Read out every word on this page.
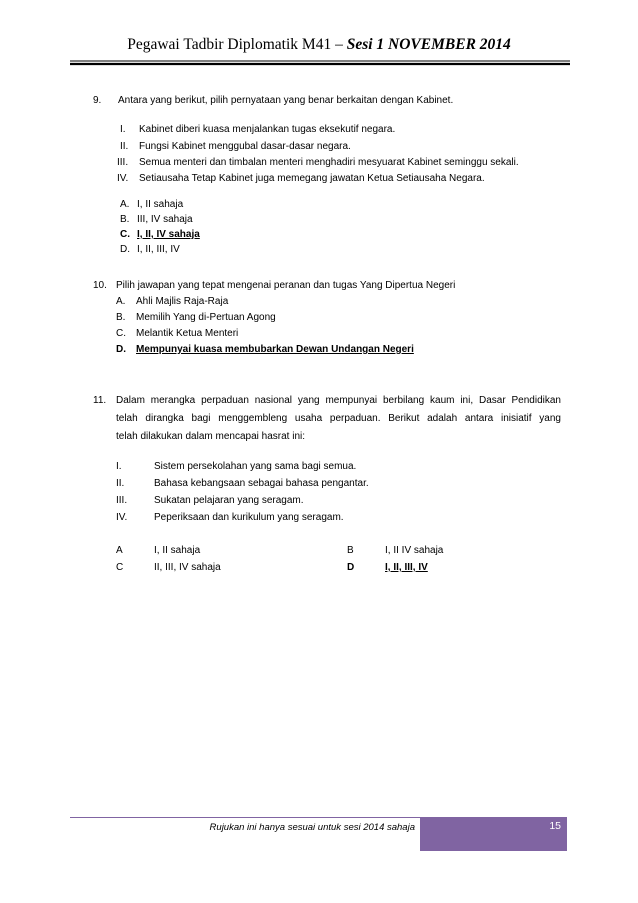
Pegawai Tadbir Diplomatik M41 – Sesi 1 NOVEMBER 2014
9. Antara yang berikut, pilih pernyataan yang benar berkaitan dengan Kabinet.
I. Kabinet diberi kuasa menjalankan tugas eksekutif negara.
II. Fungsi Kabinet menggubal dasar-dasar negara.
III. Semua menteri dan timbalan menteri menghadiri mesyuarat Kabinet seminggu sekali.
IV. Setiausaha Tetap Kabinet juga memegang jawatan Ketua Setiausaha Negara.
A. I, II sahaja
B. III, IV sahaja
C. I, II, IV sahaja
D. I, II, III, IV
10. Pilih jawapan yang tepat mengenai peranan dan tugas Yang Dipertua Negeri
A. Ahli Majlis Raja-Raja
B. Memilih Yang di-Pertuan Agong
C. Melantik Ketua Menteri
D. Mempunyai kuasa membubarkan Dewan Undangan Negeri
11. Dalam merangka perpaduan nasional yang mempunyai berbilang kaum ini, Dasar Pendidikan
telah dirangka bagi menggembleng usaha perpaduan. Berikut adalah antara inisiatif yang
telah dilakukan dalam mencapai hasrat ini:
I.	Sistem persekolahan yang sama bagi semua.
II.	Bahasa kebangsaan sebagai bahasa pengantar.
III.	Sukatan pelajaran yang seragam.
IV.	Peperiksaan dan kurikulum yang seragam.
A	I, II sahaja	B	I, II IV sahaja
C	II, III, IV sahaja	D	I, II, III, IV
Rujukan ini hanya sesuai untuk sesi 2014 sahaja	15
